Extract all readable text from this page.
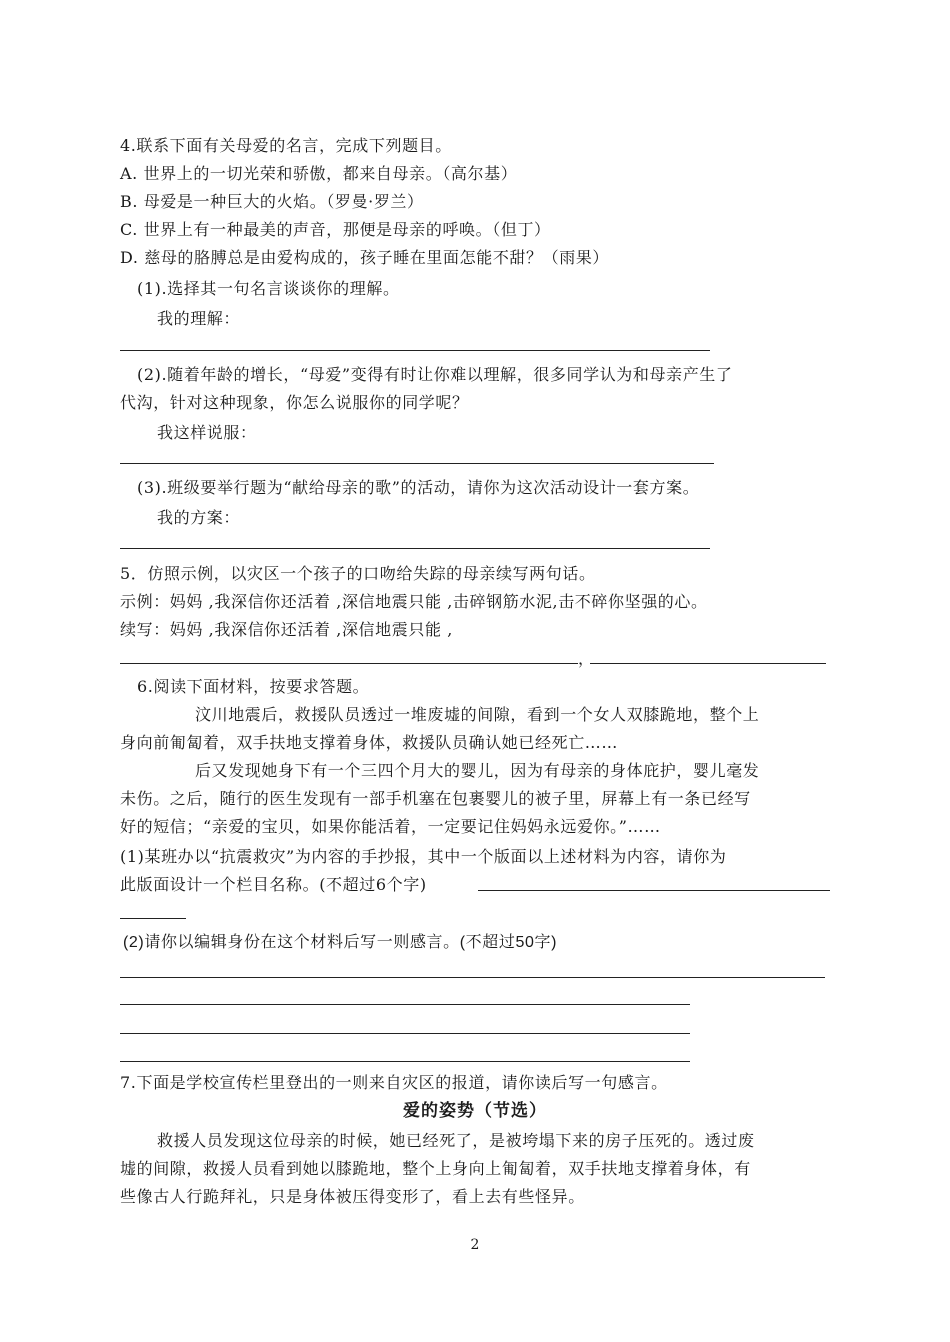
4.联系下面有关母爱的名言，完成下列题目。
A. 世界上的一切光荣和骄傲，都来自母亲。（高尔基）
B. 母爱是一种巨大的火焰。（罗曼·罗兰）
C. 世界上有一种最美的声音，那便是母亲的呼唤。（但丁）
D. 慈母的胳膊总是由爱构成的，孩子睡在里面怎能不甜？（雨果）
(1).选择其一句名言谈谈你的理解。
我的理解：
(2).随着年龄的增长，“母爱”变得有时让你难以理解，很多同学认为和母亲产生了
代沟，针对这种现象，你怎么说服你的同学呢？
我这样说服：
(3).班级要举行题为“献给母亲的歌”的活动，请你为这次活动设计一套方案。
我的方案：
5．仿照示例，以灾区一个孩子的口吻给失踪的母亲续写两句话。
示例：妈妈 ,我深信你还活着 ,深信地震只能 ,击碎钢筋水泥,击不碎你坚强的心。
续写：妈妈 ,我深信你还活着 ,深信地震只能 ,
，
6.阅读下面材料，按要求答题。
汶川地震后，救援队员透过一堆废墟的间隙，看到一个女人双膝跪地，整个上
身向前匍匐着，双手扶地支撑着身体，救援队员确认她已经死亡……
后又发现她身下有一个三四个月大的婴儿，因为有母亲的身体庇护，婴儿毫发
未伤。之后，随行的医生发现有一部手机塞在包裹婴儿的被子里，屏幕上有一条已经写
好的短信；“亲爱的宝贝，如果你能活着，一定要记住妈妈永远爱你。”……
(1)某班办以“抗震救灾”为内容的手抄报，其中一个版面以上述材料为内容，请你为
此版面设计一个栏目名称。(不超过6个字)
(2)请你以编辑身份在这个材料后写一则感言。(不超过50字)
7.下面是学校宣传栏里登出的一则来自灾区的报道，请你读后写一句感言。
爱的姿势（节选）
救援人员发现这位母亲的时候，她已经死了，是被垮塌下来的房子压死的。透过废
墟的间隙，救援人员看到她以膝跪地，整个上身向上匍匐着，双手扶地支撑着身体，有
些像古人行跪拜礼，只是身体被压得变形了，看上去有些怪异。
2
